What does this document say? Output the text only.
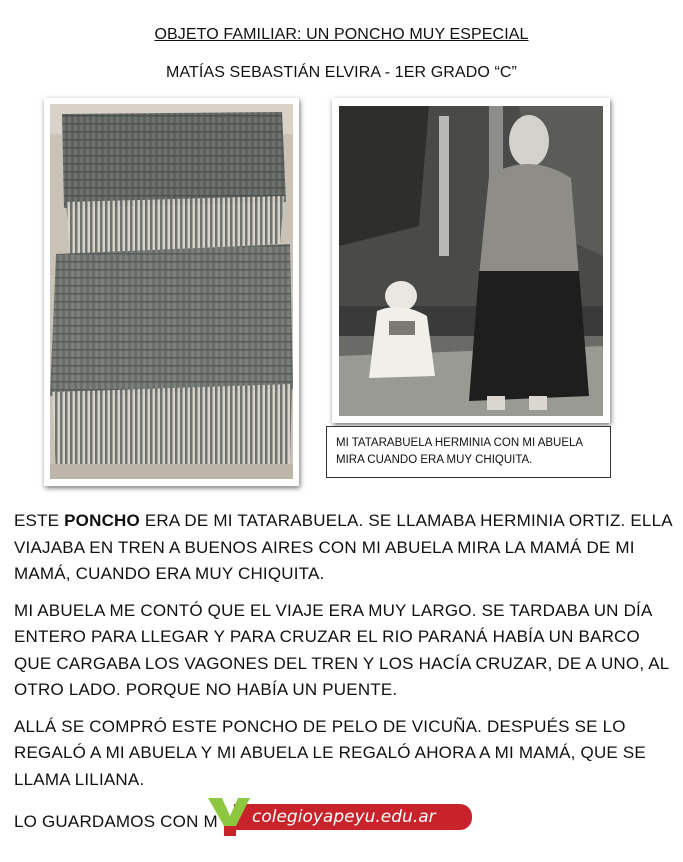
OBJETO FAMILIAR: UN PONCHO MUY ESPECIAL
MATÍAS SEBASTIÁN ELVIRA - 1ER GRADO “C”
MI TATARABUELA HERMINIA CON MI ABUELA
MIRA CUANDO ERA MUY CHIQUITA.

ESTE PONCHO ERA DE MI TATARABUELA. SE LLAMABA HERMINIA ORTIZ. ELLA VIAJABA EN TREN A BUENOS AIRES CON MI ABUELA MIRA LA MAMÁ DE MI MAMÁ, CUANDO ERA MUY CHIQUITA.

MI ABUELA ME CONTÓ QUE EL VIAJE ERA MUY LARGO. SE TARDABA UN DÍA ENTERO PARA LLEGAR Y PARA CRUZAR EL RIO PARANÁ HABÍA UN BARCO QUE CARGABA LOS VAGONES DEL TREN Y LOS HACÍA CRUZAR, DE A UNO, AL OTRO LADO. PORQUE NO HABÍA UN PUENTE.

ALLÁ SE COMPRÓ ESTE PONCHO DE PELO DE VICUÑA. DESPUÉS SE LO REGALÓ A MI ABUELA Y MI ABUELA LE REGALÓ AHORA A MI MAMÁ, QUE SE LLAMA LILIANA.

LO GUARDAMOS CON M	colegioyapeyu.edu.ar
